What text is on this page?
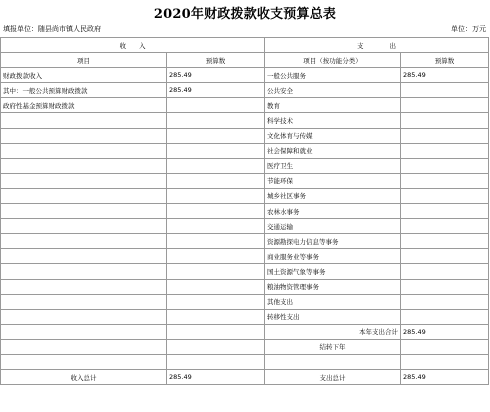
2020年财政拨款收支预算总表
填报单位：随县尚市镇人民政府	单位：万元
收　　入		支　　　　出	
项目	预算数	项目（按功能分类）	预算数
财政拨款收入	285.49	一般公共服务	285.49
其中：一般公共预算财政拨款	285.49	公共安全	
政府性基金预算财政拨款		教育	
		科学技术	
		文化体育与传媒	
		社会保障和就业	
		医疗卫生	
		节能环保	
		城乡社区事务	
		农林水事务	
		交通运输	
		资源勘探电力信息等事务	
		商业服务业等事务	
		国土资源气象等事务	
		粮油物资管理事务	
		其他支出	
		转移性支出	
		本年支出合计	285.49
		结转下年	

收入总计	285.49	支出总计	285.49
